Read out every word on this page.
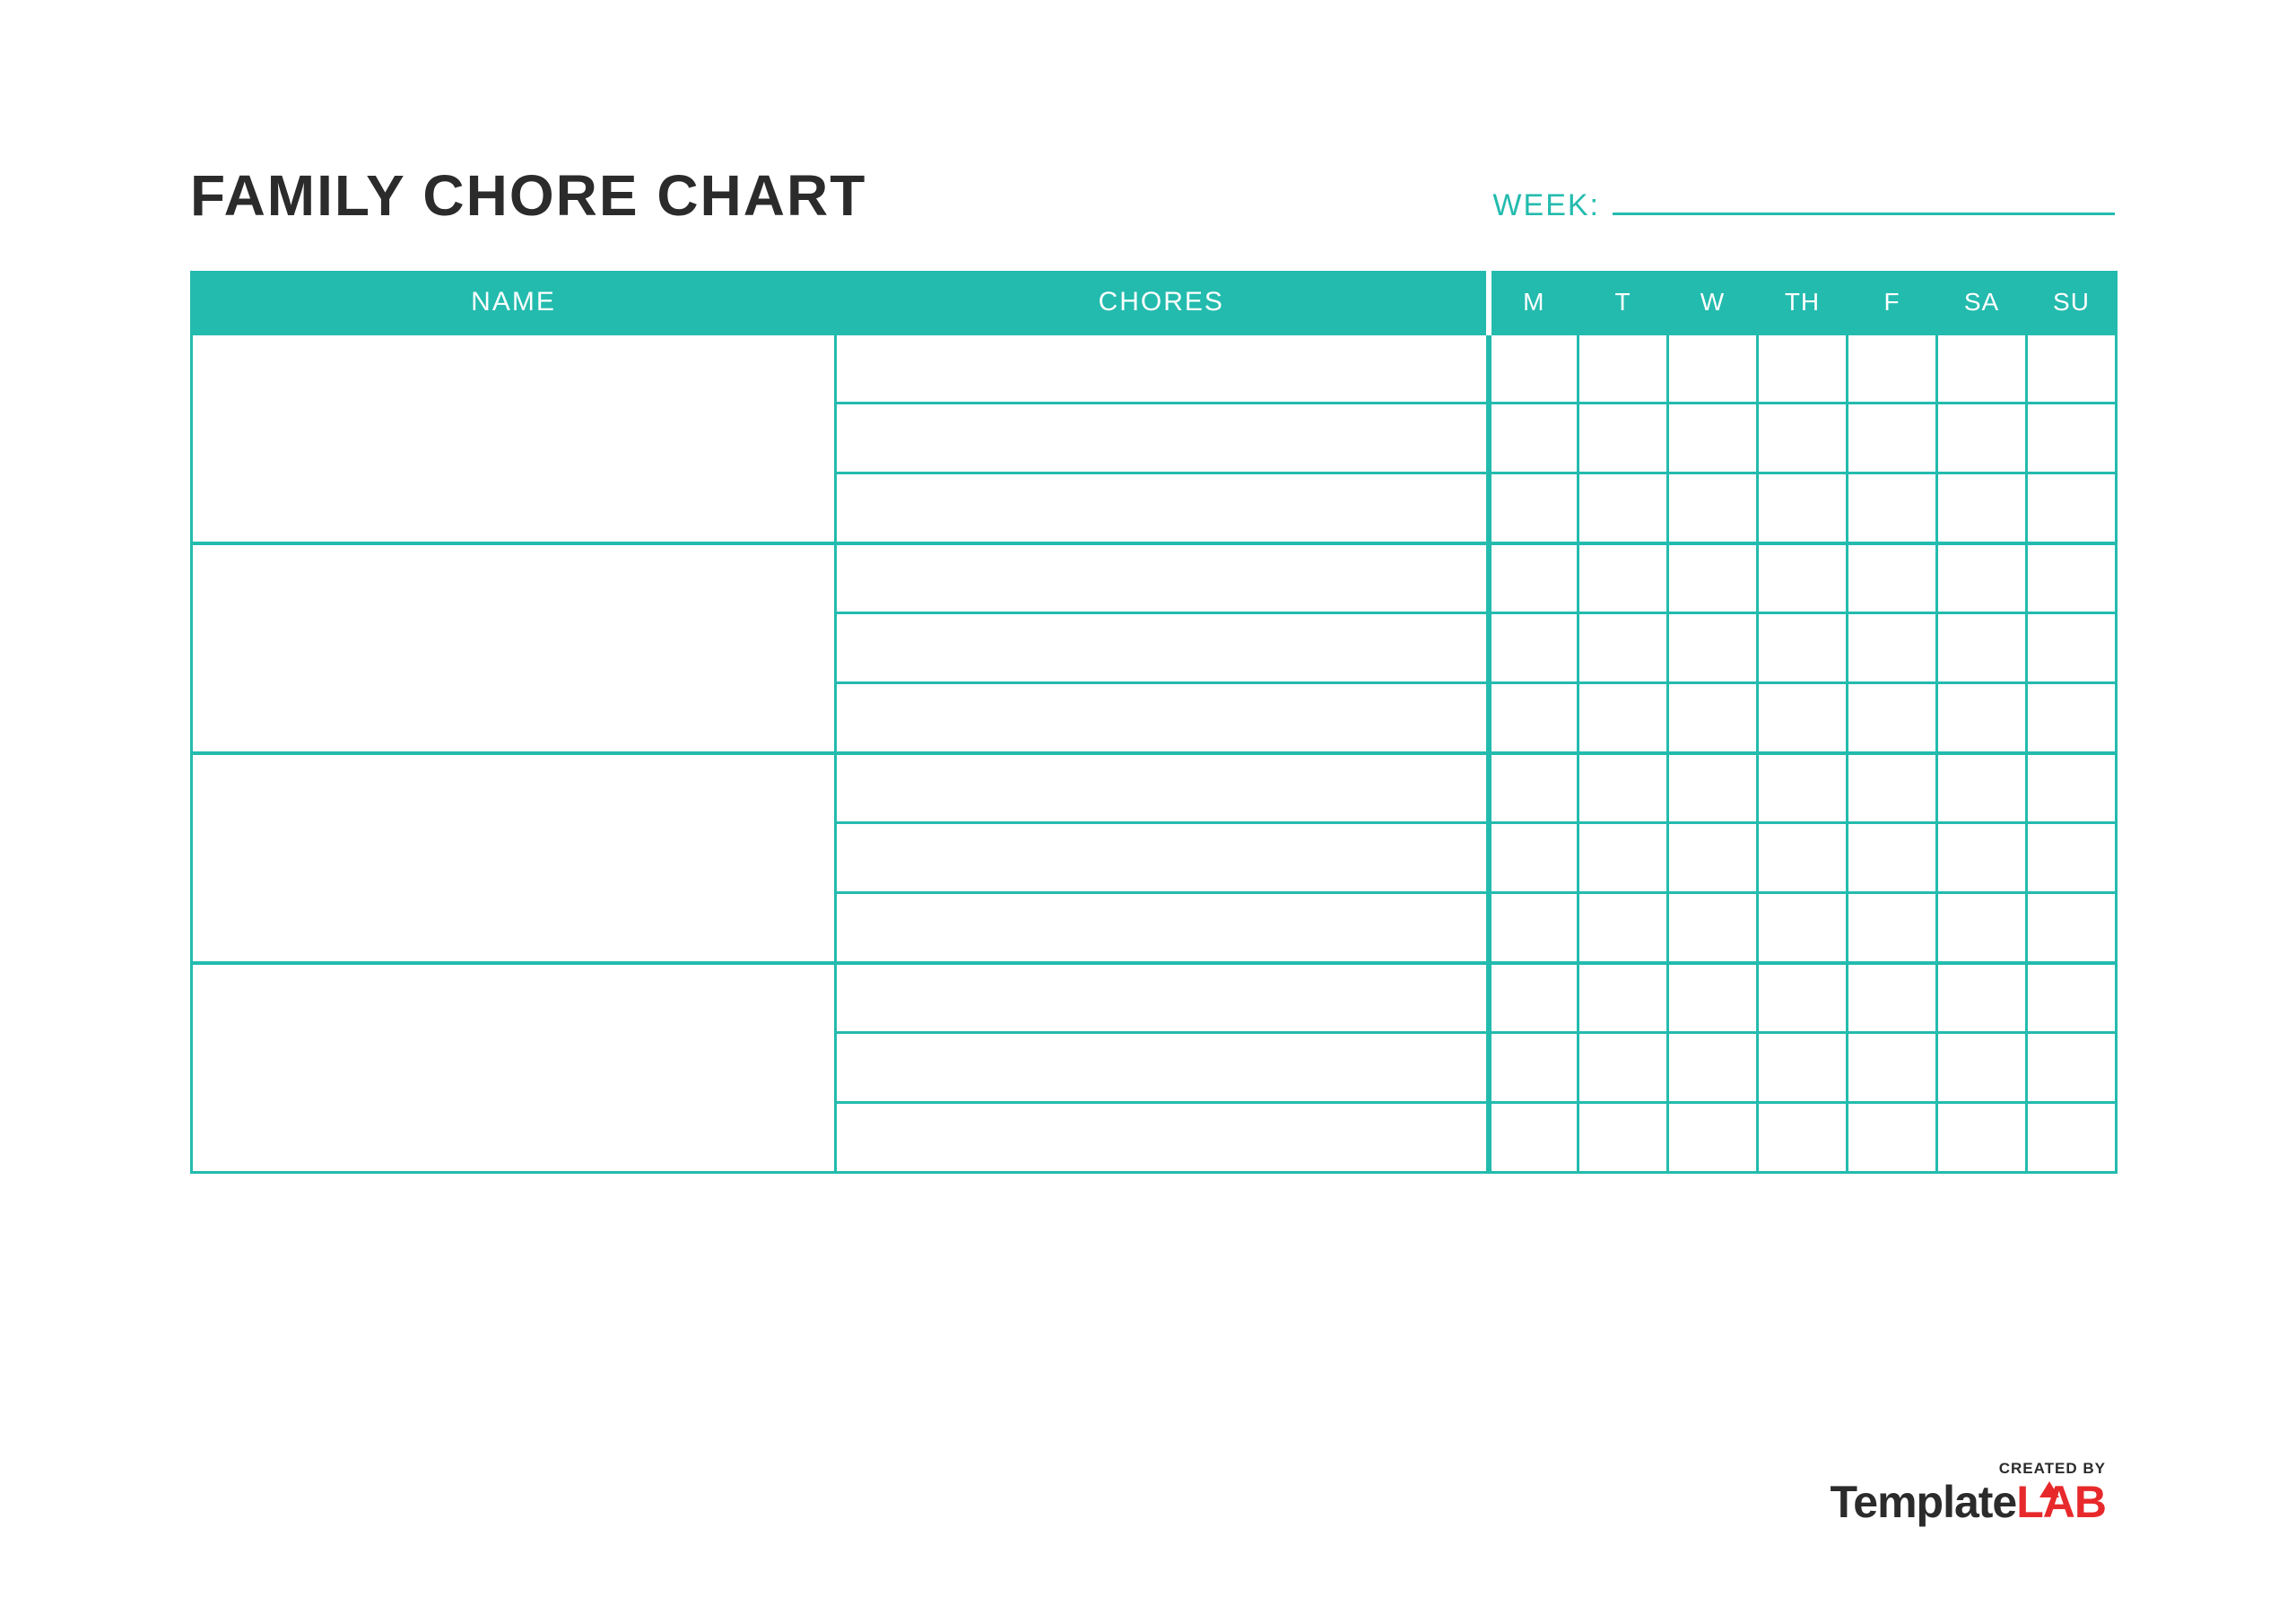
FAMILY CHORE CHART	WEEK:
NAME	CHORES	M	T	W	TH	F	SA	SU

CREATED BY
TemplateLAB
